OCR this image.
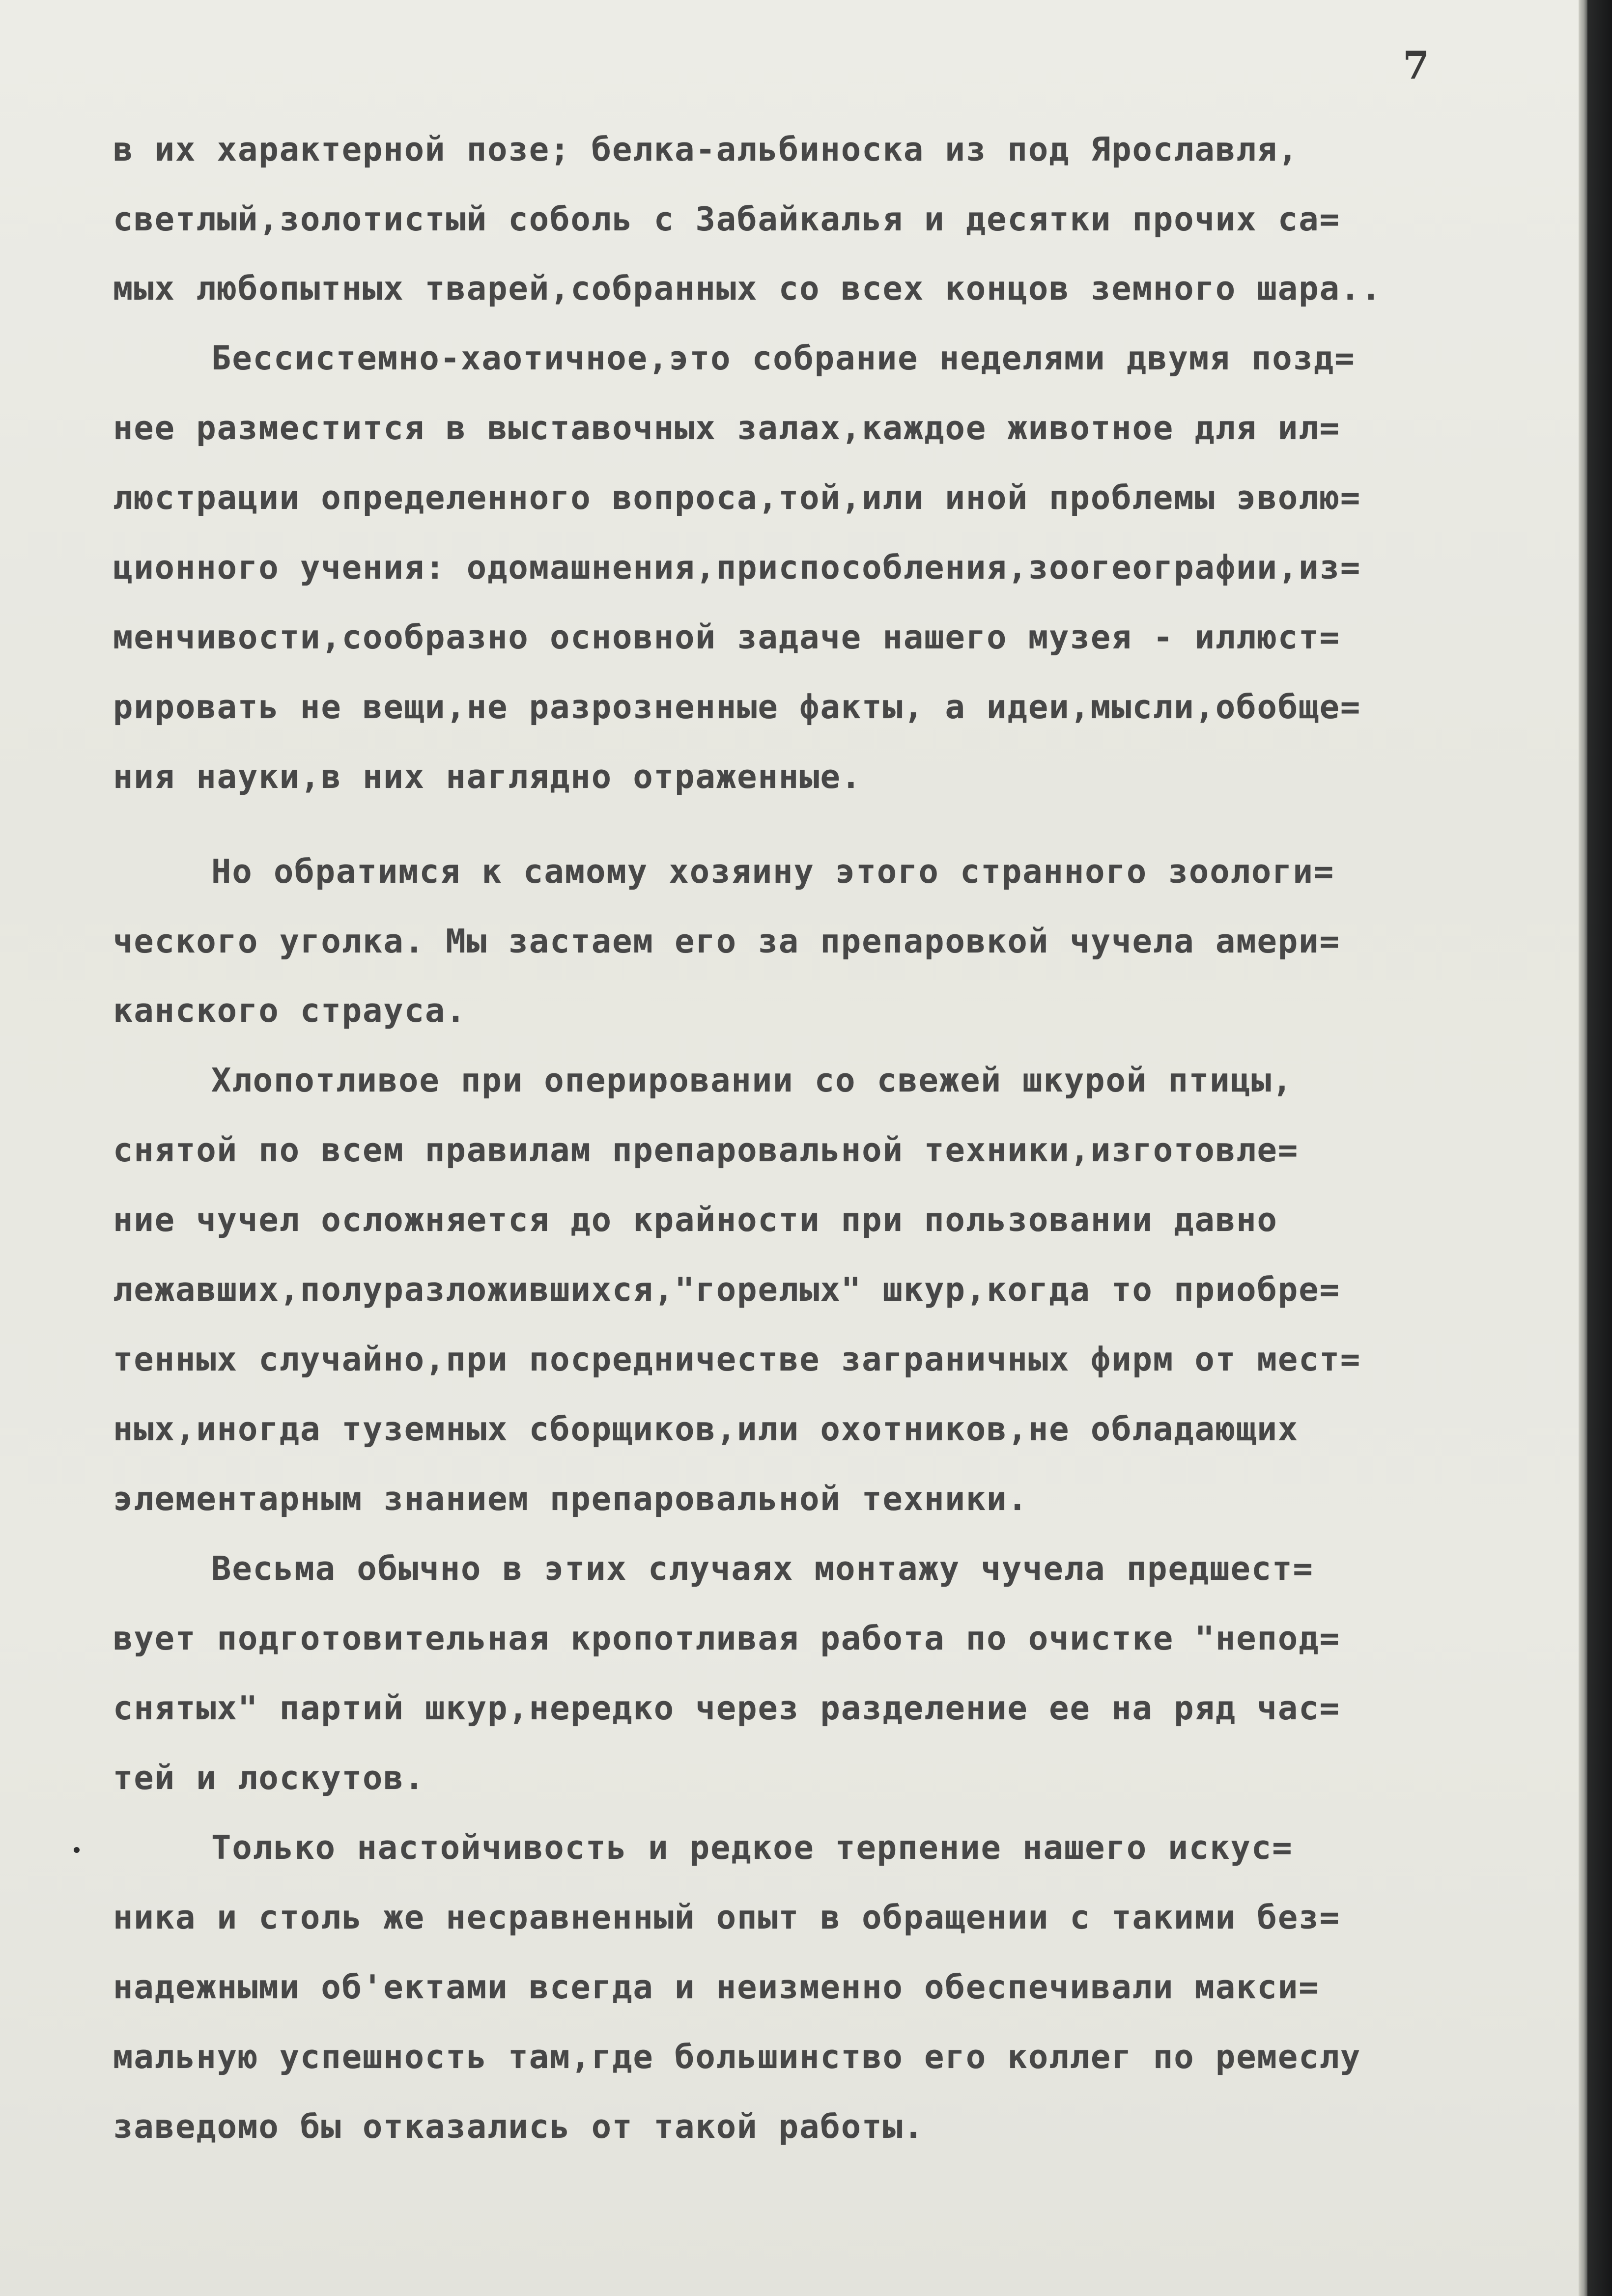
7
в их характерной позе; белка-альбиноска из под Ярославля,
светлый,золотистый соболь с Забайкалья и десятки прочих са=
мых любопытных тварей,собранных со всех концов земного шара..
Бессистемно-хаотичное,это собрание неделями двумя позд=
нее разместится в выставочных залах,каждое животное для ил=
люстрации определенного вопроса,той,или иной проблемы эволю=
ционного учения: одомашнения,приспособления,зоогеографии,из=
менчивости,сообразно основной задаче нашего музея - иллюст=
рировать не вещи,не разрозненные факты, а идеи,мысли,обобще=
ния науки,в них наглядно отраженные.
Но обратимся к самому хозяину этого странного зоологи=
ческого уголка. Мы застаем его за препаровкой чучела амери=
канского страуса.
Хлопотливое при оперировании со свежей шкурой птицы,
снятой по всем правилам препаровальной техники,изготовле=
ние чучел осложняется до крайности при пользовании давно
лежавших,полуразложившихся,"горелых" шкур,когда то приобре=
тенных случайно,при посредничестве заграничных фирм от мест=
ных,иногда туземных сборщиков,или охотников,не обладающих
элементарным знанием препаровальной техники.
Весьма обычно в этих случаях монтажу чучела предшест=
вует подготовительная кропотливая работа по очистке "непод=
снятых" партий шкур,нередко через разделение ее на ряд час=
тей и лоскутов.
Только настойчивость и редкое терпение нашего искус=
ника и столь же несравненный опыт в обращении с такими без=
надежными об'ектами всегда и неизменно обеспечивали макси=
мальную успешность там,где большинство его коллег по ремеслу
заведомо бы отказались от такой работы.
